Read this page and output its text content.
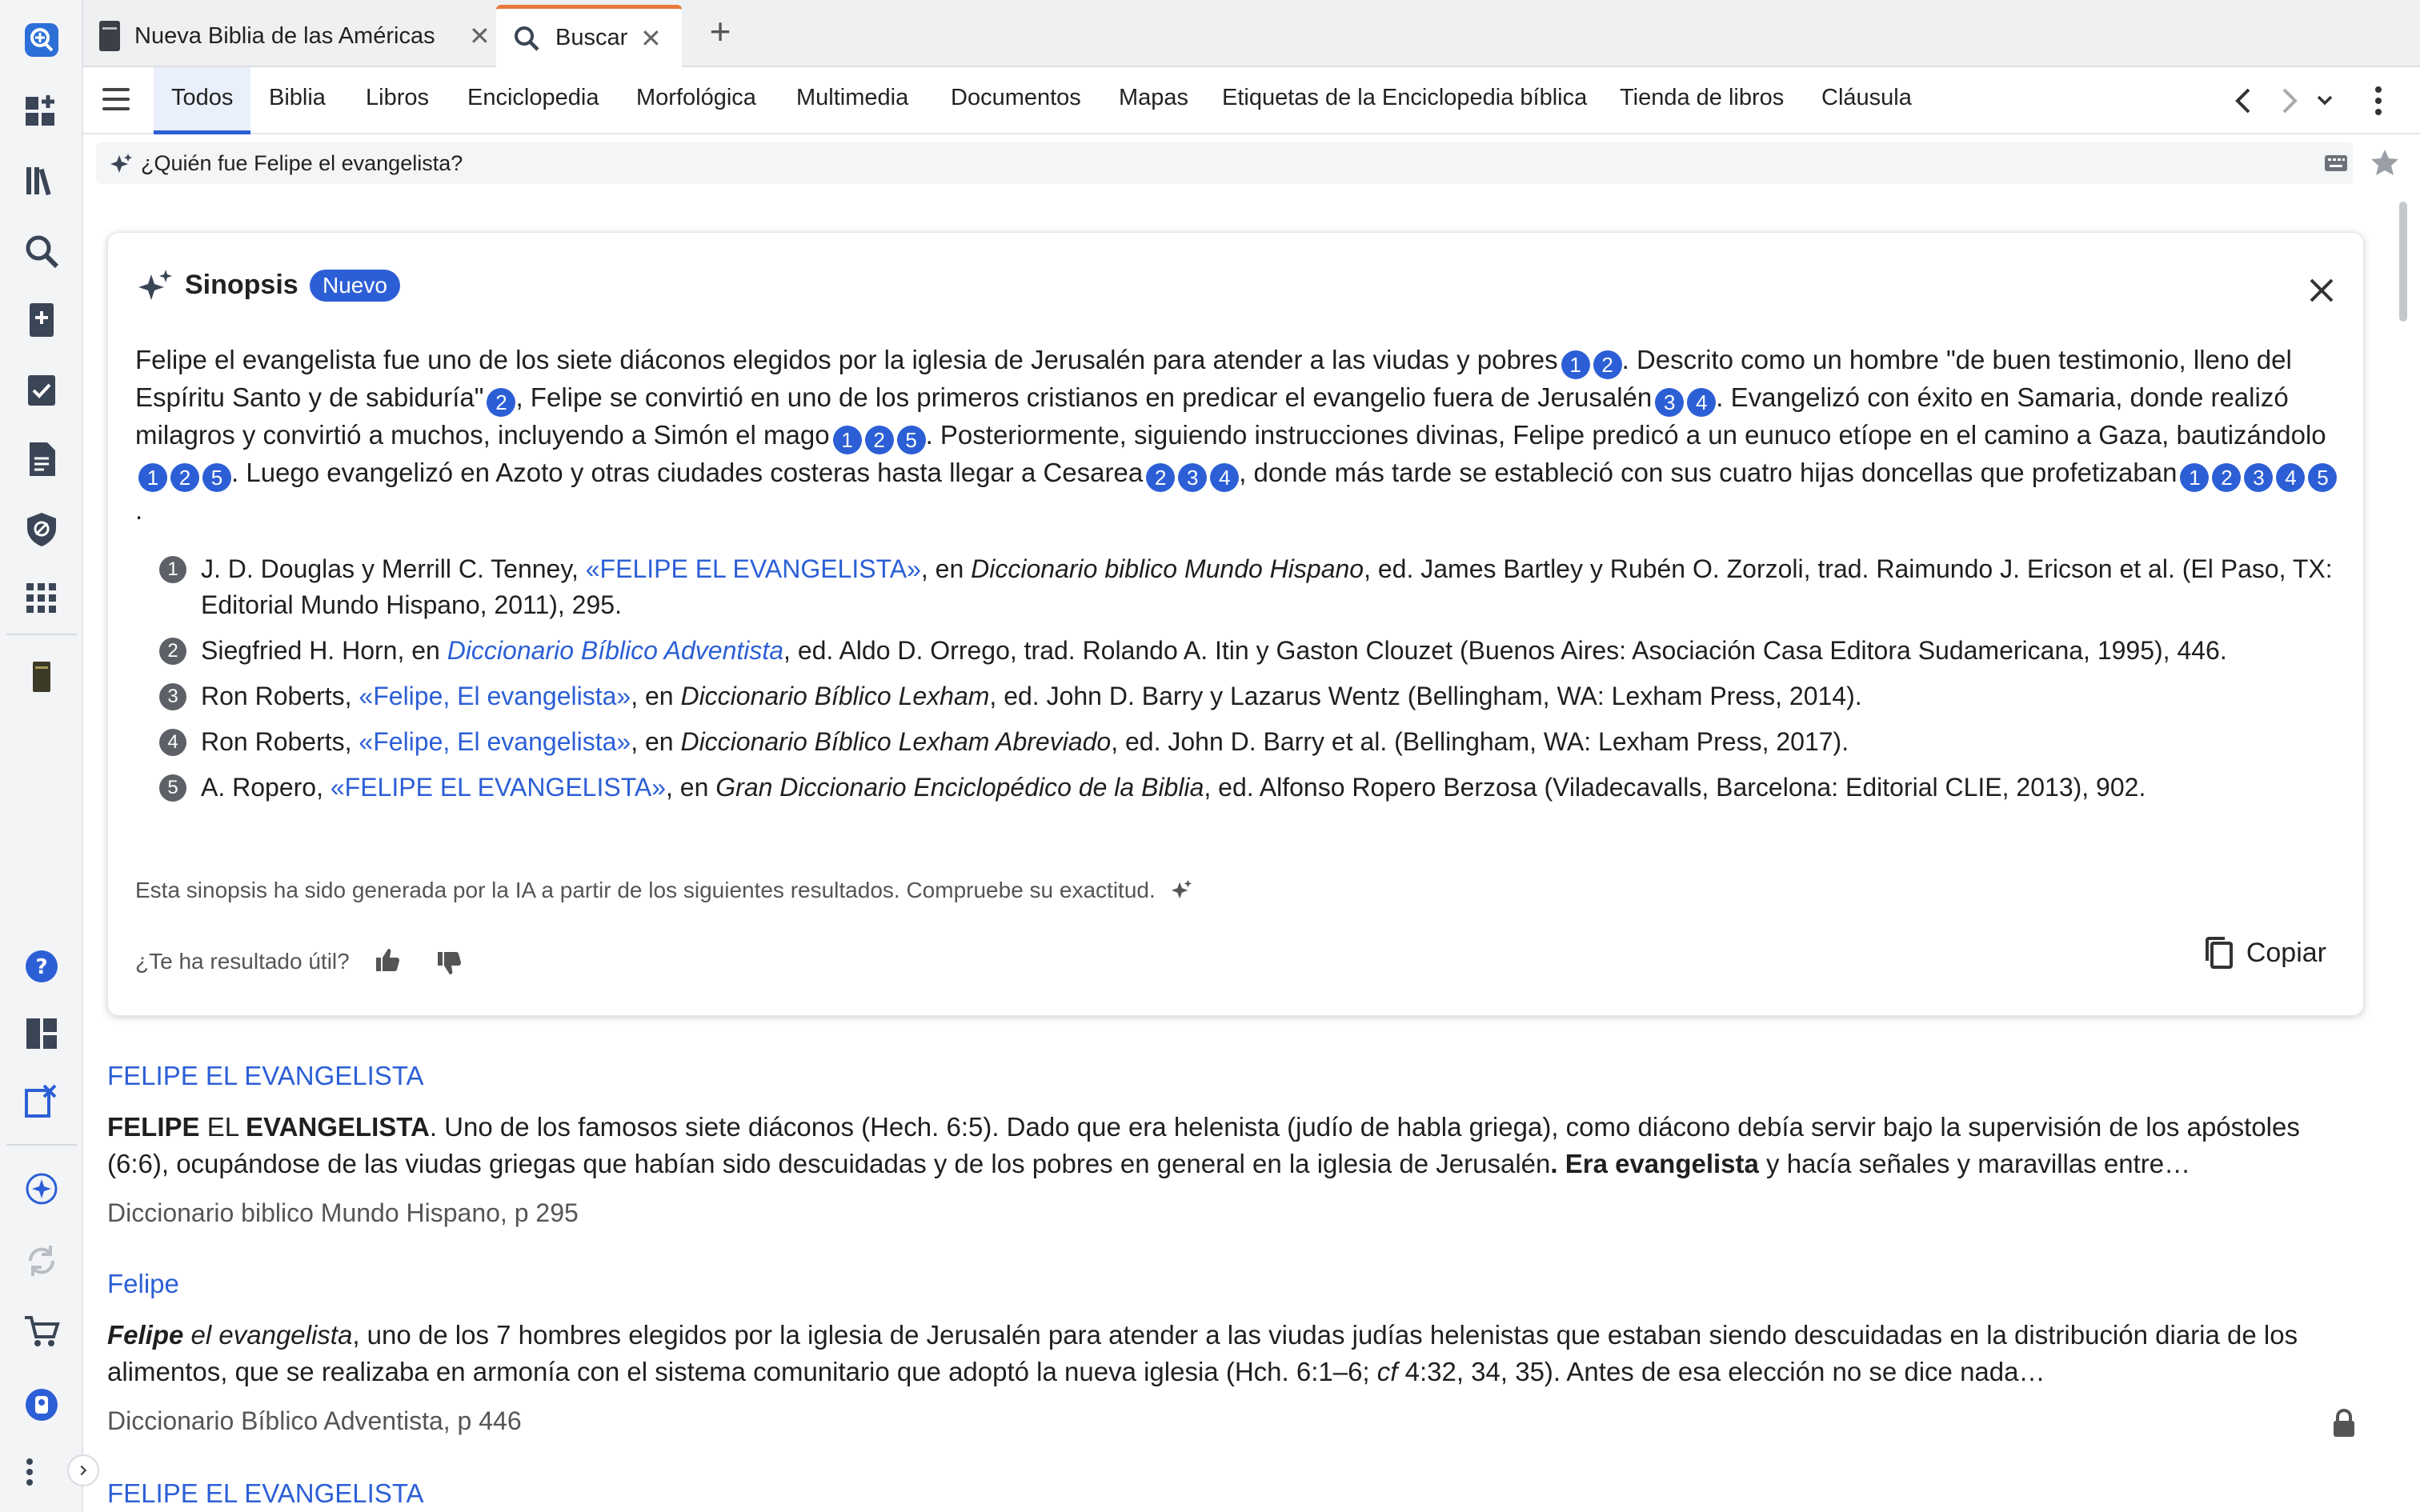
?
Nueva Biblia de las Américas ✕	Buscar ✕	+
Todos	Biblia Libros Enciclopedia Morfológica Multimedia Documentos Mapas Etiquetas de la Enciclopedia bíblica Tienda de libros Cláusula
¿Quién fue Felipe el evangelista?
Sinopsis	Nuevo
Felipe el evangelista fue uno de los siete diáconos elegidos por la iglesia de Jerusalén para atender a las viudas y pobres 1 2 . Descrito como un hombre "de buen testimonio, lleno del Espíritu Santo y de sabiduría" 2 , Felipe se convirtió en uno de los primeros cristianos en predicar el evangelio fuera de Jerusalén 3 4 . Evangelizó con éxito en Samaria, donde realizó milagros y convirtió a muchos, incluyendo a Simón el mago 1 2 5 . Posteriormente, siguiendo instrucciones divinas, Felipe predicó a un eunuco etíope en el camino a Gaza, bautizándolo1 2 5 . Luego evangelizó en Azoto y otras ciudades costeras hasta llegar a Cesarea 2 3 4 , donde más tarde se estableció con sus cuatro hijas doncellas que profetizaban 1 2 3 4 5.
1 J. D. Douglas y Merrill C. Tenney, «FELIPE EL EVANGELISTA», en Diccionario biblico Mundo Hispano, ed. James Bartley y Rubén O. Zorzoli, trad. Raimundo J. Ericson et al. (El Paso, TX: Editorial Mundo Hispano, 2011), 295.
2 Siegfried H. Horn, en Diccionario Bíblico Adventista, ed. Aldo D. Orrego, trad. Rolando A. Itin y Gaston Clouzet (Buenos Aires: Asociación Casa Editora Sudamericana, 1995), 446.
3 Ron Roberts, «Felipe, El evangelista», en Diccionario Bíblico Lexham, ed. John D. Barry y Lazarus Wentz (Bellingham, WA: Lexham Press, 2014).
4 Ron Roberts, «Felipe, El evangelista», en Diccionario Bíblico Lexham Abreviado, ed. John D. Barry et al. (Bellingham, WA: Lexham Press, 2017).
5 A. Ropero, «FELIPE EL EVANGELISTA», en Gran Diccionario Enciclopédico de la Biblia, ed. Alfonso Ropero Berzosa (Viladecavalls, Barcelona: Editorial CLIE, 2013), 902.
Esta sinopsis ha sido generada por la IA a partir de los siguientes resultados. Compruebe su exactitud.
¿Te ha resultado útil?	Copiar
FELIPE EL EVANGELISTA
FELIPE EL EVANGELISTA. Uno de los famosos siete diáconos (Hech. 6:5). Dado que era helenista (judío de habla griega), como diácono debía servir bajo la supervisión de los apóstoles (6:6), ocupándose de las viudas griegas que habían sido descuidadas y de los pobres en general en la iglesia de Jerusalén. Era evangelista y hacía señales y maravillas entre…
Diccionario biblico Mundo Hispano, p 295
Felipe
Felipe el evangelista, uno de los 7 hombres elegidos por la iglesia de Jerusalén para atender a las viudas judías helenistas que estaban siendo descuidadas en la distribución diaria de los alimentos, que se realizaba en armonía con el sistema comunitario que adoptó la nueva iglesia (Hch. 6:1–6; cf 4:32, 34, 35). Antes de esa elección no se dice nada…
Diccionario Bíblico Adventista, p 446
FELIPE EL EVANGELISTA
